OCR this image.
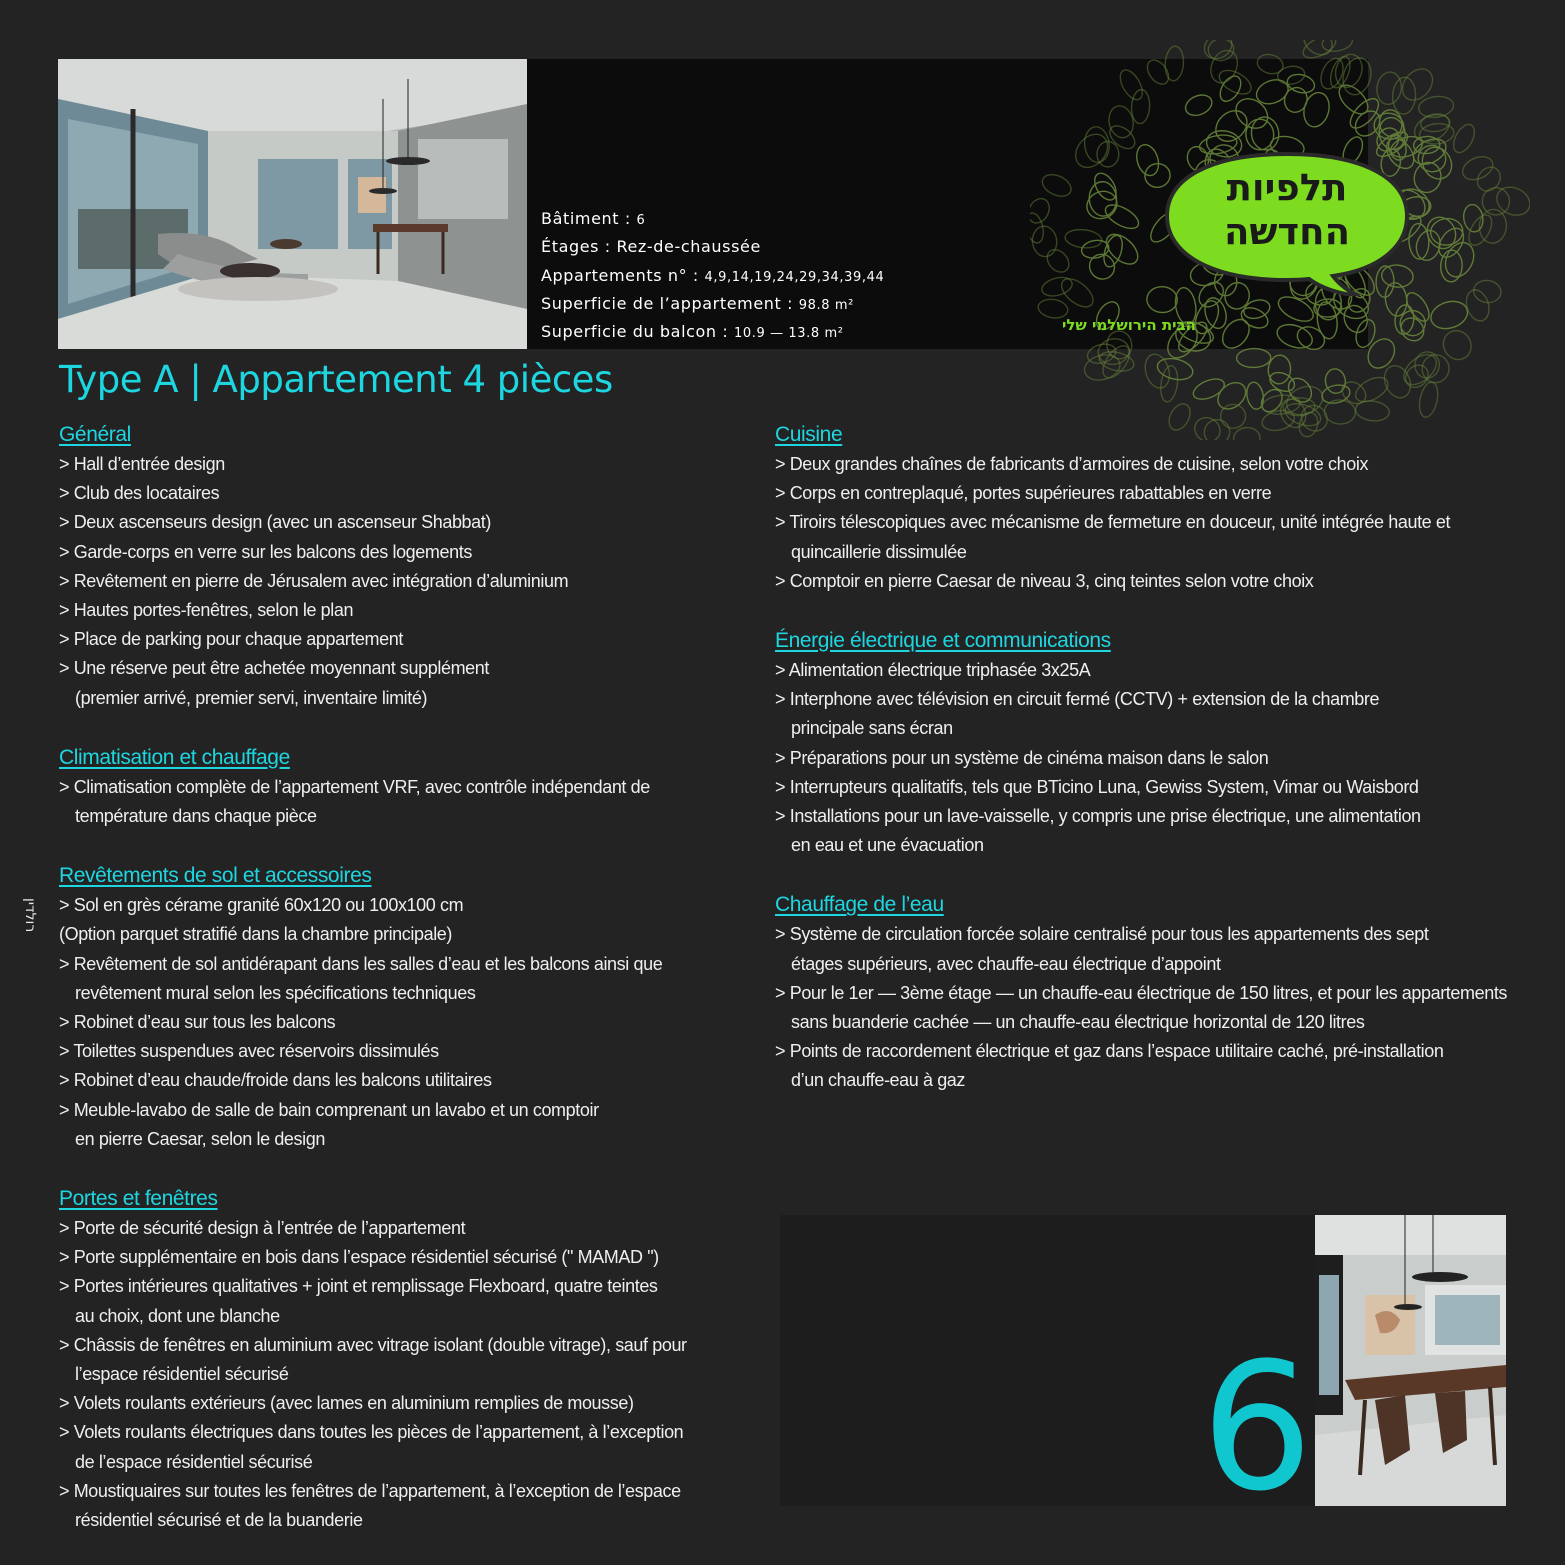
Bâtiment : 6
Étages : Rez-de-chaussée
Appartements n° : 4,9,14,19,24,29,34,39,44
Superficie de l’appartement : 98.8 m²
Superficie du balcon : 10.9 — 13.8 m²
תלפיות
החדשה
הבית הירושלמי שלי
Type A | Appartement 4 pièces
Général
> Hall d’entrée design
> Club des locataires
> Deux ascenseurs design (avec un ascenseur Shabbat)
> Garde-corps en verre sur les balcons des logements
> Revêtement en pierre de Jérusalem avec intégration d’aluminium
> Hautes portes-fenêtres, selon le plan
> Place de parking pour chaque appartement
> Une réserve peut être achetée moyennant supplément
(premier arrivé, premier servi, inventaire limité)
Climatisation et chauffage
> Climatisation complète de l’appartement VRF, avec contrôle indépendant de
température dans chaque pièce
Revêtements de sol et accessoires
> Sol en grès cérame granité 60x120 ou 100x100 cm
(Option parquet stratifié dans la chambre principale)
> Revêtement de sol antidérapant dans les salles d’eau et les balcons ainsi que
revêtement mural selon les spécifications techniques
> Robinet d’eau sur tous les balcons
> Toilettes suspendues avec réservoirs dissimulés
> Robinet d’eau chaude/froide dans les balcons utilitaires
> Meuble-lavabo de salle de bain comprenant un lavabo et un comptoir
en pierre Caesar, selon le design
Portes et fenêtres
> Porte de sécurité design à l’entrée de l’appartement
> Porte supplémentaire en bois dans l’espace résidentiel sécurisé (" MAMAD ")
> Portes intérieures qualitatives + joint et remplissage Flexboard, quatre teintes
au choix, dont une blanche
> Châssis de fenêtres en aluminium avec vitrage isolant (double vitrage), sauf pour
l’espace résidentiel sécurisé
> Volets roulants extérieurs (avec lames en aluminium remplies de mousse)
> Volets roulants électriques dans toutes les pièces de l’appartement, à l’exception
de l’espace résidentiel sécurisé
> Moustiquaires sur toutes les fenêtres de l’appartement, à l’exception de l’espace
résidentiel sécurisé et de la buanderie
Cuisine
> Deux grandes chaînes de fabricants d’armoires de cuisine, selon votre choix
> Corps en contreplaqué, portes supérieures rabattables en verre
> Tiroirs télescopiques avec mécanisme de fermeture en douceur, unité intégrée haute et
quincaillerie dissimulée
> Comptoir en pierre Caesar de niveau 3, cinq teintes selon votre choix
Énergie électrique et communications
> Alimentation électrique triphasée 3x25A
> Interphone avec télévision en circuit fermé (CCTV) + extension de la chambre
principale sans écran
> Préparations pour un système de cinéma maison dans le salon
> Interrupteurs qualitatifs, tels que BTicino Luna, Gewiss System, Vimar ou Waisbord
> Installations pour un lave-vaisselle, y compris une prise électrique, une alimentation
en eau et une évacuation
Chauffage de l’eau
> Système de circulation forcée solaire centralisé pour tous les appartements des sept
étages supérieurs, avec chauffe-eau électrique d’appoint
> Pour le 1er — 3ème étage — un chauffe-eau électrique de 150 litres, et pour les appartements
sans buanderie cachée — un chauffe-eau électrique horizontal de 120 litres
> Points de raccordement électrique et gaz dans l’espace utilitaire caché, pré-installation
d’un chauffe-eau à gaz
רולדין
6
